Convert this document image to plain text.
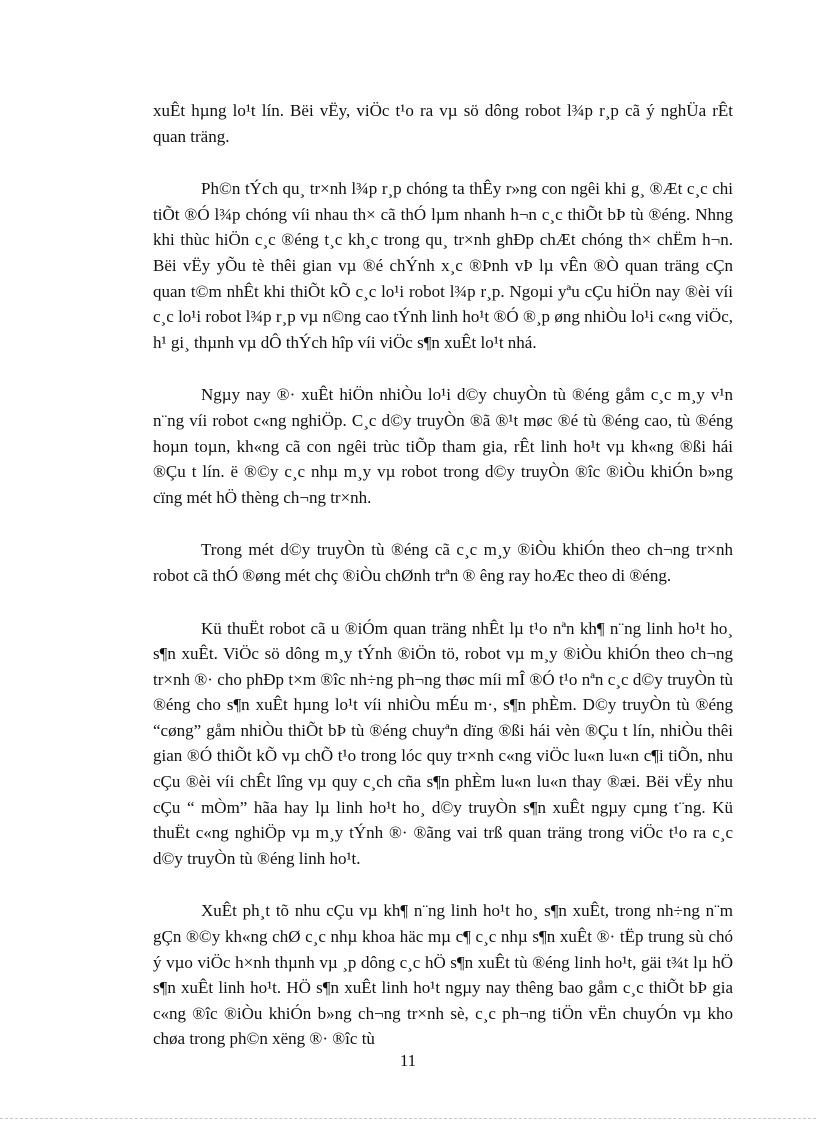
xuÊt hµng lo¹t lín. Bëi vËy, viÖc t¹o ra vµ sö dông robot l¾p r¸p cã ý nghÜa rÊt quan träng.

Ph©n tÝch qu¸ tr×nh l¾p r¸p chóng ta thÊy r»ng con ngêi khi g¸ ®Æt c¸c chi tiÕt ®Ó l¾p chóng víi nhau th× cã thÓ lµm nhanh h¬n c¸c thiÕt bÞ tù ®éng. Nhng khi thùc hiÖn c¸c ®éng t¸c kh¸c trong qu¸ tr×nh ghÐp chÆt chóng th× chËm h¬n. Bëi vËy yÕu tè thêi gian vµ ®é chÝnh x¸c ®Þnh vÞ lµ vÊn ®Ò quan träng cÇn quan t©m nhÊt khi thiÕt kÕ c¸c lo¹i robot l¾p r¸p. Ngoµi yªu cÇu hiÖn nay ®èi víi c¸c lo¹i robot l¾p r¸p vµ n©ng cao tÝnh linh ho¹t ®Ó ®¸p øng nhiÒu lo¹i c«ng viÖc, h¹ gi¸ thµnh vµ dÔ thÝch hîp víi viÖc s¶n xuÊt lo¹t nhá.

Ngµy nay ®· xuÊt hiÖn nhiÒu lo¹i d©y chuyÒn tù ®éng gåm c¸c m¸y v¹n n¨ng víi robot c«ng nghiÖp. C¸c d©y truyÒn ®ã ®¹t møc ®é tù ®éng cao, tù ®éng hoµn toµn, kh«ng cã con ngêi trùc tiÕp tham gia, rÊt linh ho¹t vµ kh«ng ®ßi hái ®Çu t lín. ë ®©y c¸c nhµ m¸y vµ robot trong d©y truyÒn ®îc ®iÒu khiÓn b»ng cïng mét hÖ thèng ch¬ng tr×nh.

Trong mét d©y truyÒn tù ®éng cã c¸c m¸y ®iÒu khiÓn theo ch¬ng tr×nh robot cã thÓ ®øng mét chç ®iÒu chØnh trªn ® êng ray hoÆc theo di ®éng.

Kü thuËt robot cã u ®iÓm quan träng nhÊt lµ t¹o nªn kh¶ n¨ng linh ho¹t ho¸ s¶n xuÊt. ViÖc sö dông m¸y tÝnh ®iÖn tö, robot vµ m¸y ®iÒu khiÓn theo ch¬ng tr×nh ®· cho phÐp t×m ®îc nh÷ng ph¬ng thøc míi mÎ ®Ó t¹o nªn c¸c d©y truyÒn tù ®éng cho s¶n xuÊt hµng lo¹t víi nhiÒu mÉu m·, s¶n phÈm. D©y truyÒn tù ®éng “cøng” gåm nhiÒu thiÕt bÞ tù ®éng chuyªn dïng ®ßi hái vèn ®Çu t lín, nhiÒu thêi gian ®Ó thiÕt kÕ vµ chÕ t¹o trong lóc quy tr×nh c«ng viÖc lu«n lu«n c¶i tiÕn, nhu cÇu ®èi víi chÊt lîng vµ quy c¸ch cña s¶n phÈm lu«n lu«n thay ®æi. Bëi vËy nhu cÇu “ mÒm” hãa hay lµ linh ho¹t ho¸ d©y truyÒn s¶n xuÊt ngµy cµng t¨ng. Kü thuËt c«ng nghiÖp vµ m¸y tÝnh ®· ®ãng vai trß quan träng trong viÖc t¹o ra c¸c d©y truyÒn tù ®éng linh ho¹t.

XuÊt ph¸t tõ nhu cÇu vµ kh¶ n¨ng linh ho¹t ho¸ s¶n xuÊt, trong nh÷ng n¨m gÇn ®©y kh«ng chØ c¸c nhµ khoa häc mµ c¶ c¸c nhµ s¶n xuÊt ®· tËp trung sù chó ý vµo viÖc h×nh thµnh vµ ¸p dông c¸c hÖ s¶n xuÊt tù ®éng linh ho¹t, gäi t¾t lµ hÖ s¶n xuÊt linh ho¹t. HÖ s¶n xuÊt linh ho¹t ngµy nay thêng bao gåm c¸c thiÕt bÞ gia c«ng ®îc ®iÒu khiÓn b»ng ch¬ng tr×nh sè, c¸c ph¬ng tiÖn vËn chuyÓn vµ kho chøa trong ph©n xëng ®· ®îc tù

11
